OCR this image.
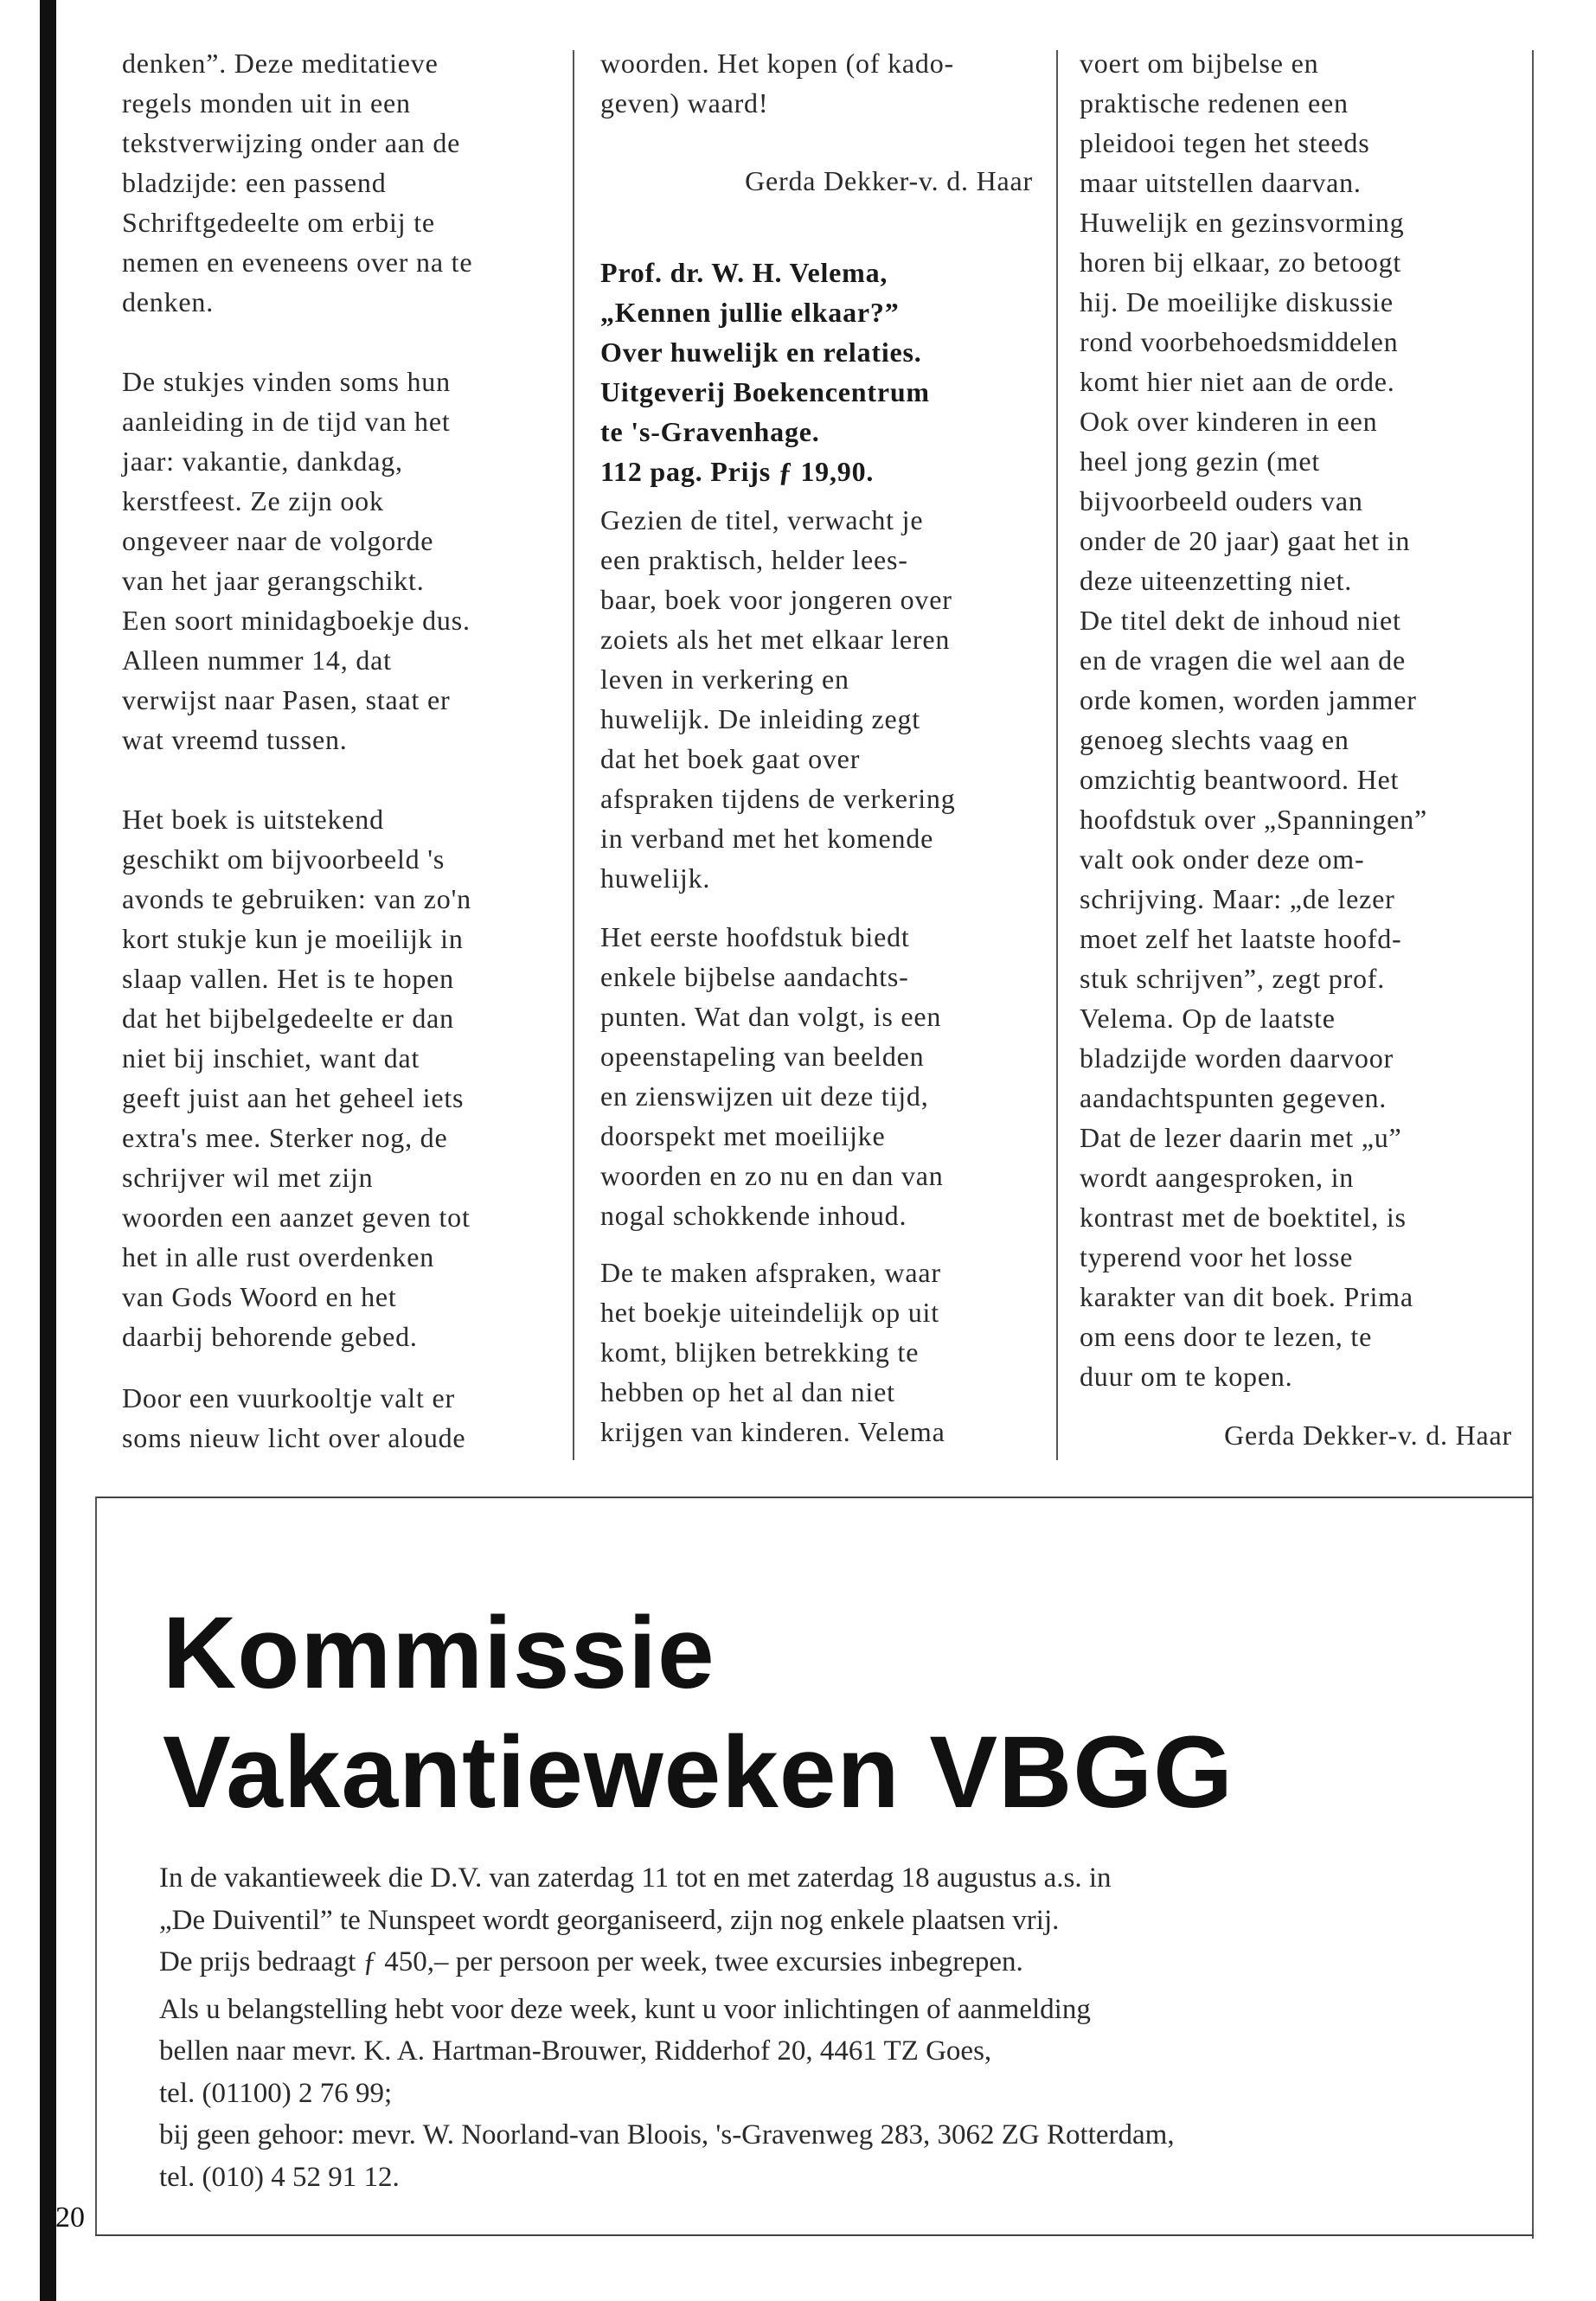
denken”. Deze meditatieve
regels monden uit in een
tekstverwijzing onder aan de
bladzijde: een passend
Schriftgedeelte om erbij te
nemen en eveneens over na te
denken.
De stukjes vinden soms hun
aanleiding in de tijd van het
jaar: vakantie, dankdag,
kerstfeest. Ze zijn ook
ongeveer naar de volgorde
van het jaar gerangschikt.
Een soort minidagboekje dus.
Alleen nummer 14, dat
verwijst naar Pasen, staat er
wat vreemd tussen.
Het boek is uitstekend
geschikt om bijvoorbeeld 's
avonds te gebruiken: van zo'n
kort stukje kun je moeilijk in
slaap vallen. Het is te hopen
dat het bijbelgedeelte er dan
niet bij inschiet, want dat
geeft juist aan het geheel iets
extra's mee. Sterker nog, de
schrijver wil met zijn
woorden een aanzet geven tot
het in alle rust overdenken
van Gods Woord en het
daarbij behorende gebed.
Door een vuurkooltje valt er
soms nieuw licht over aloude
woorden. Het kopen (of kado-
geven) waard!
Gerda Dekker-v. d. Haar
Prof. dr. W. H. Velema,
„Kennen jullie elkaar?”
Over huwelijk en relaties.
Uitgeverij Boekencentrum
te 's-Gravenhage.
112 pag. Prijs ƒ 19,90.
Gezien de titel, verwacht je
een praktisch, helder lees-
baar, boek voor jongeren over
zoiets als het met elkaar leren
leven in verkering en
huwelijk. De inleiding zegt
dat het boek gaat over
afspraken tijdens de verkering
in verband met het komende
huwelijk.
Het eerste hoofdstuk biedt
enkele bijbelse aandachts-
punten. Wat dan volgt, is een
opeenstapeling van beelden
en zienswijzen uit deze tijd,
doorspekt met moeilijke
woorden en zo nu en dan van
nogal schokkende inhoud.
De te maken afspraken, waar
het boekje uiteindelijk op uit
komt, blijken betrekking te
hebben op het al dan niet
krijgen van kinderen. Velema
voert om bijbelse en
praktische redenen een
pleidooi tegen het steeds
maar uitstellen daarvan.
Huwelijk en gezinsvorming
horen bij elkaar, zo betoogt
hij. De moeilijke diskussie
rond voorbehoedsmiddelen
komt hier niet aan de orde.
Ook over kinderen in een
heel jong gezin (met
bijvoorbeeld ouders van
onder de 20 jaar) gaat het in
deze uiteenzetting niet.
De titel dekt de inhoud niet
en de vragen die wel aan de
orde komen, worden jammer
genoeg slechts vaag en
omzichtig beantwoord. Het
hoofdstuk over „Spanningen”
valt ook onder deze om-
schrijving. Maar: „de lezer
moet zelf het laatste hoofd-
stuk schrijven”, zegt prof.
Velema. Op de laatste
bladzijde worden daarvoor
aandachtspunten gegeven.
Dat de lezer daarin met „u”
wordt aangesproken, in
kontrast met de boektitel, is
typerend voor het losse
karakter van dit boek. Prima
om eens door te lezen, te
duur om te kopen.
Gerda Dekker-v. d. Haar
Kommissie
Vakantieweken VBGG
In de vakantieweek die D.V. van zaterdag 11 tot en met zaterdag 18 augustus a.s. in
„De Duiventil” te Nunspeet wordt georganiseerd, zijn nog enkele plaatsen vrij.
De prijs bedraagt ƒ 450,– per persoon per week, twee excursies inbegrepen.
Als u belangstelling hebt voor deze week, kunt u voor inlichtingen of aanmelding
bellen naar mevr. K. A. Hartman-Brouwer, Ridderhof 20, 4461 TZ Goes,
tel. (01100) 2 76 99;
bij geen gehoor: mevr. W. Noorland-van Bloois, 's-Gravenweg 283, 3062 ZG Rotterdam,
tel. (010) 4 52 91 12.
20
